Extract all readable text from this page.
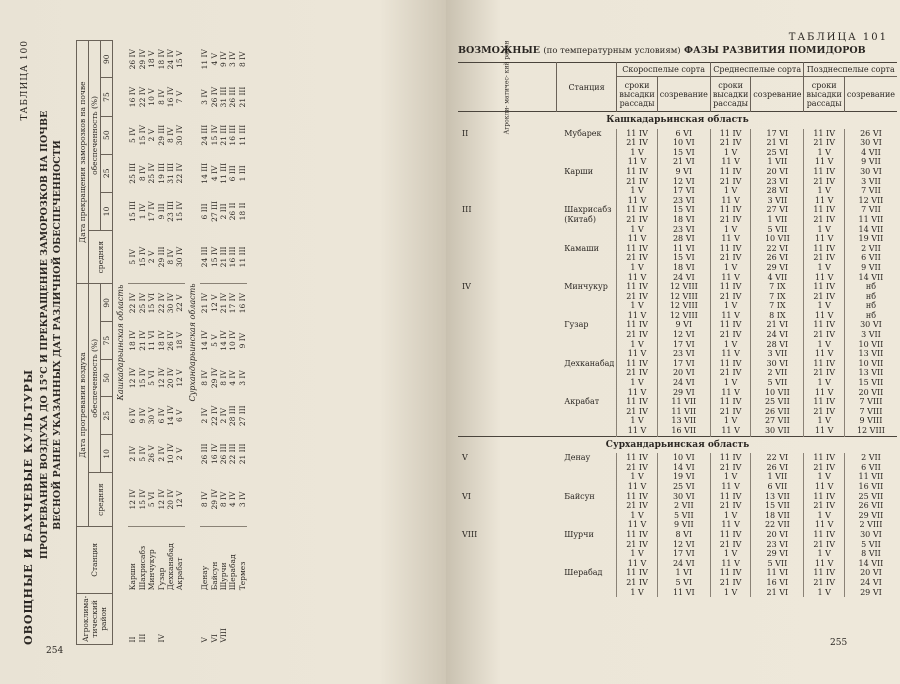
ОВОЩНЫЕ И БАХЧЕВЫЕ КУЛЬТУРЫ
ТАБЛИЦА 100
ПРОГРЕВАНИЕ ВОЗДУХА ДО 15°С И ПРЕКРАЩЕНИЕ ЗАМОРОЗКОВ НА ПОЧВЕ ВЕСНОЙ РАНЕЕ УКАЗАННЫХ ДАТ РАЗЛИЧНОЙ ОБЕСПЕЧЕННОСТИ
Агроклима- тический район	Станция	Дата прогревания воздуха						Дата прекращения заморозков на почве					
		средняя	обеспеченность (%)					средняя	обеспеченность (%)				
			10	25	50	75	90		10	25	50	75	90
Кашкадарьинская область													
II	Карши	12 IV	2 IV	6 IV	12 IV	18 IV	22 IV	5 IV	15 III	25 III	5 IV	16 IV	26 IV
III	Шахрисабз	15 IV	5 IV	9 IV	15 IV	21 IV	25 IV	15 IV	1 IV	8 IV	15 IV	22 IV	29 IV
	Минчукур	5 VI	26 V	30 V	5 VI	11 VI	15 VI	2 V	17 IV	25 IV	2 V	10 V	18 V
IV	Гузар	12 IV	2 IV	6 IV	12 IV	18 IV	22 IV	29 III	9 III	19 III	29 III	8 IV	18 IV
	Дехканабад	20 IV	10 IV	14 IV	20 IV	26 IV	30 IV	8 IV	23 III	31 III	8 IV	16 IV	24 IV
	Акрабат	12 V	2 V	6 V	12 V	18 V	22 V	30 IV	15 IV	22 IV	30 IV	7 V	15 V
Сурхандарьинская область													
V	Денау	8 IV	26 III	2 IV	8 IV	14 IV	21 IV	24 III	6 III	14 III	24 III	3 IV	11 IV
VI	Байсун	29 IV	16 IV	22 IV	29 IV	5 V	12 V	15 IV	27 III	4 IV	15 IV	26 IV	4 V
VIII	Шурчи	8 IV	26 III	2 IV	8 IV	14 IV	21 IV	21 III	2 III	11 III	21 III	31 III	9 IV
	Шерабад	4 IV	22 III	28 III	4 IV	10 IV	17 IV	16 III	26 II	6 III	16 III	26 III	3 IV
	Термез	3 IV	21 III	27 III	3 IV	9 IV	16 IV	11 III	18 II	1 III	11 III	21 III	8 IV
254
ТАБЛИЦА 101
ВОЗМОЖНЫЕ (по температурным условиям) ФАЗЫ РАЗВИТИЯ ПОМИДОРОВ
Агрокли- матичес- кий район	Станция	Скороспелые сорта		Среднеспелые сорта		Позднеспелые сорта	
		сроки высадки рассады	созревание	сроки высадки рассады	созревание	сроки высадки рассады	созревание
Кашкадарьинская область							
II	Мубарек	11 IV	6 VI	11 IV	17 VI	11 IV	26 VI
		21 IV	10 VI	21 IV	21 VI	21 IV	30 VI
		1 V	15 VI	1 V	25 VI	1 V	4 VII
		11 V	21 VI	11 V	1 VII	11 V	9 VII
	Карши	11 IV	9 VI	11 IV	20 VI	11 IV	30 VI
		21 IV	12 VI	21 IV	23 VI	21 IV	3 VII
		1 V	17 VI	1 V	28 VI	1 V	7 VII
		11 V	23 VI	11 V	3 VII	11 V	12 VII
III	Шахрисабз	11 IV	15 VI	11 IV	27 VI	11 IV	7 VII
	(Китаб)	21 IV	18 VI	21 IV	1 VII	21 IV	11 VII
		1 V	23 VI	1 V	5 VII	1 V	14 VII
		11 V	28 VI	11 V	10 VII	11 V	19 VII
	Камаши	11 IV	11 VI	11 IV	22 VI	11 IV	2 VII
		21 IV	15 VI	21 IV	26 VI	21 IV	6 VII
		1 V	18 VI	1 V	29 VI	1 V	9 VII
		11 V	24 VI	11 V	4 VII	11 V	14 VII
IV	Минчукур	11 IV	12 VIII	11 IV	7 IX	11 IV	нб
		21 IV	12 VIII	21 IV	7 IX	21 IV	нб
		1 V	12 VIII	1 V	7 IX	1 V	нб
		11 V	12 VIII	11 V	8 IX	11 V	нб
	Гузар	11 IV	9 VI	11 IV	21 VI	11 IV	30 VI
		21 IV	12 VI	21 IV	24 VI	21 IV	3 VII
		1 V	17 VI	1 V	28 VI	1 V	10 VII
		11 V	23 VI	11 V	3 VII	11 V	13 VII
	Дехканабад	11 IV	17 VI	11 IV	30 VI	11 IV	10 VII
		21 IV	20 VI	21 IV	2 VII	21 IV	13 VII
		1 V	24 VI	1 V	5 VII	1 V	15 VII
		11 V	29 VI	11 V	10 VII	11 V	20 VII
	Акрабат	11 IV	11 VII	11 IV	25 VII	11 IV	7 VIII
		21 IV	11 VII	21 IV	26 VII	21 IV	7 VIII
		1 V	13 VII	1 V	27 VII	1 V	9 VIII
		11 V	16 VII	11 V	30 VII	11 V	12 VIII
Сурхандарьинская область							
V	Денау	11 IV	10 VI	11 IV	22 VI	11 IV	2 VII
		21 IV	14 VI	21 IV	26 VI	21 IV	6 VII
		1 V	19 VI	1 V	1 VII	1 V	11 VII
		11 V	25 VI	11 V	6 VII	11 V	16 VII
VI	Байсун	11 IV	30 VI	11 IV	13 VII	11 IV	25 VII
		21 IV	2 VII	21 IV	15 VII	21 IV	26 VII
		1 V	5 VII	1 V	18 VII	1 V	29 VII
		11 V	9 VII	11 V	22 VII	11 V	2 VIII
VIII	Шурчи	11 IV	8 VI	11 IV	20 VI	11 IV	30 VI
		21 IV	12 VI	21 IV	23 VI	21 IV	5 VII
		1 V	17 VI	1 V	29 VI	1 V	8 VII
		11 V	24 VI	11 V	5 VII	11 V	14 VII
	Шерабад	11 IV	1 VI	11 IV	11 VI	11 IV	20 VI
		21 IV	5 VI	21 IV	16 VI	21 IV	24 VI
		1 V	11 VI	1 V	21 VI	1 V	29 VI
255
